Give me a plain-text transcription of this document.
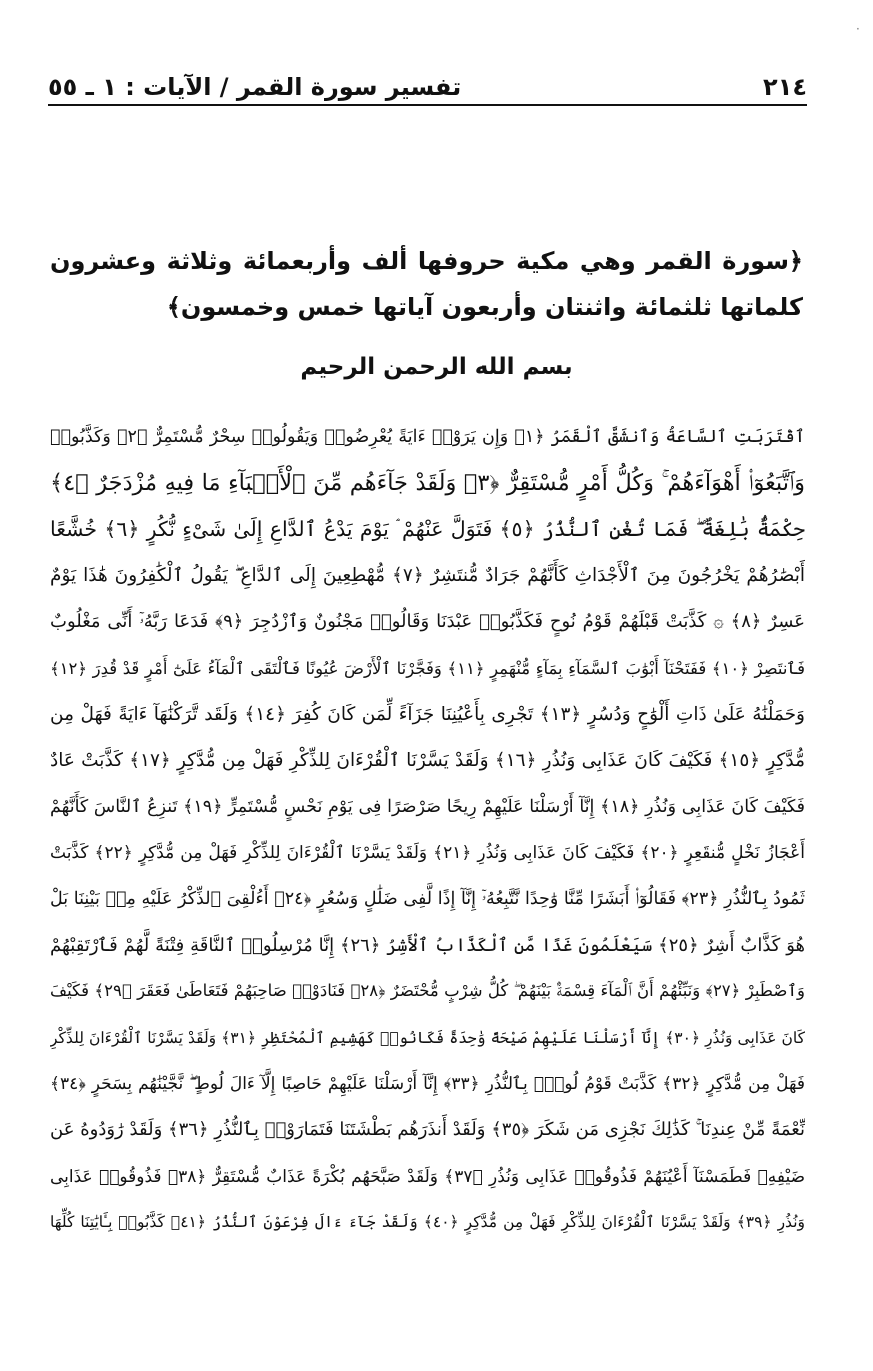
·
٢١٤
تفسير سورة القمر / الآيات : ١ ـ ٥٥
﴿سورة القمر وهي مكية حروفها ألف وأربعمائة وثلاثة وعشرون كلماتها ثلثمائة واثنتان وأربعون آياتها خمس وخمسون﴾
بسم الله الرحمن الرحيم
ٱقْتَرَبَتِ ٱلسَّاعَةُ وَٱنشَقَّ ٱلْقَمَرُ ﴿١﴾ وَإِن يَرَوْا۟ ءَايَةً يُعْرِضُوا۟ وَيَقُولُوا۟ سِحْرٌ مُّسْتَمِرٌّ ﴿٢﴾ وَكَذَّبُوا۟
وَٱتَّبَعُوٓا۟ أَهْوَآءَهُمْ ۚ وَكُلُّ أَمْرٍ مُّسْتَقِرٌّ ﴿٣﴾ وَلَقَدْ جَآءَهُم مِّنَ ٱلْأَنۢبَآءِ مَا فِيهِ مُزْدَجَرٌ ﴿٤﴾
حِكْمَةٌۢ بَٰلِغَةٌ ۖ فَمَا تُغْنِ ٱلنُّذُرُ ﴿٥﴾ فَتَوَلَّ عَنْهُمْ ۘ يَوْمَ يَدْعُ ٱلدَّاعِ إِلَىٰ شَىْءٍ نُّكُرٍ ﴿٦﴾ خُشَّعًا
أَبْصَٰرُهُمْ يَخْرُجُونَ مِنَ ٱلْأَجْدَاثِ كَأَنَّهُمْ جَرَادٌ مُّنتَشِرٌ ﴿٧﴾ مُّهْطِعِينَ إِلَى ٱلدَّاعِ ۖ يَقُولُ ٱلْكَٰفِرُونَ هَٰذَا يَوْمٌ
عَسِرٌ ﴿٨﴾ ۞ كَذَّبَتْ قَبْلَهُمْ قَوْمُ نُوحٍ فَكَذَّبُوا۟ عَبْدَنَا وَقَالُوا۟ مَجْنُونٌ وَٱزْدُجِرَ ﴿٩﴾ فَدَعَا رَبَّهُۥٓ أَنِّى مَغْلُوبٌ
فَٱنتَصِرْ ﴿١٠﴾ فَفَتَحْنَآ أَبْوَٰبَ ٱلسَّمَآءِ بِمَآءٍ مُّنْهَمِرٍ ﴿١١﴾ وَفَجَّرْنَا ٱلْأَرْضَ عُيُونًا فَٱلْتَقَى ٱلْمَآءُ عَلَىٰٓ أَمْرٍ قَدْ قُدِرَ ﴿١٢﴾
وَحَمَلْنَٰهُ عَلَىٰ ذَاتِ أَلْوَٰحٍ وَدُسُرٍ ﴿١٣﴾ تَجْرِى بِأَعْيُنِنَا جَزَآءً لِّمَن كَانَ كُفِرَ ﴿١٤﴾ وَلَقَد تَّرَكْنَٰهَآ ءَايَةً فَهَلْ مِن
مُّدَّكِرٍ ﴿١٥﴾ فَكَيْفَ كَانَ عَذَابِى وَنُذُرِ ﴿١٦﴾ وَلَقَدْ يَسَّرْنَا ٱلْقُرْءَانَ لِلذِّكْرِ فَهَلْ مِن مُّدَّكِرٍ ﴿١٧﴾ كَذَّبَتْ عَادٌ
فَكَيْفَ كَانَ عَذَابِى وَنُذُرِ ﴿١٨﴾ إِنَّآ أَرْسَلْنَا عَلَيْهِمْ رِيحًا صَرْصَرًا فِى يَوْمِ نَحْسٍ مُّسْتَمِرٍّ ﴿١٩﴾ تَنزِعُ ٱلنَّاسَ كَأَنَّهُمْ
أَعْجَازُ نَخْلٍ مُّنقَعِرٍ ﴿٢٠﴾ فَكَيْفَ كَانَ عَذَابِى وَنُذُرِ ﴿٢١﴾ وَلَقَدْ يَسَّرْنَا ٱلْقُرْءَانَ لِلذِّكْرِ فَهَلْ مِن مُّدَّكِرٍ ﴿٢٢﴾ كَذَّبَتْ
ثَمُودُ بِٱلنُّذُرِ ﴿٢٣﴾ فَقَالُوٓا۟ أَبَشَرًا مِّنَّا وَٰحِدًا نَّتَّبِعُهُۥٓ إِنَّآ إِذًا لَّفِى ضَلَٰلٍ وَسُعُرٍ ﴿٢٤﴾ أَءُلْقِىَ ٱلذِّكْرُ عَلَيْهِ مِنۢ بَيْنِنَا بَلْ
هُوَ كَذَّابٌ أَشِرٌ ﴿٢٥﴾ سَيَعْلَمُونَ غَدًا مَّنِ ٱلْكَذَّابُ ٱلْأَشِرُ ﴿٢٦﴾ إِنَّا مُرْسِلُوا۟ ٱلنَّاقَةِ فِتْنَةً لَّهُمْ فَٱرْتَقِبْهُمْ
وَٱصْطَبِرْ ﴿٢٧﴾ وَنَبِّئْهُمْ أَنَّ ٱلْمَآءَ قِسْمَةٌۢ بَيْنَهُمْ ۖ كُلُّ شِرْبٍ مُّحْتَضَرٌ ﴿٢٨﴾ فَنَادَوْا۟ صَاحِبَهُمْ فَتَعَاطَىٰ فَعَقَرَ ﴿٢٩﴾ فَكَيْفَ
كَانَ عَذَابِى وَنُذُرِ ﴿٣٠﴾ إِنَّآ أَرْسَلْنَا عَلَيْهِمْ صَيْحَةً وَٰحِدَةً فَكَانُوا۟ كَهَشِيمِ ٱلْمُحْتَظِرِ ﴿٣١﴾ وَلَقَدْ يَسَّرْنَا ٱلْقُرْءَانَ لِلذِّكْرِ
فَهَلْ مِن مُّدَّكِرٍ ﴿٣٢﴾ كَذَّبَتْ قَوْمُ لُوطٍۭ بِٱلنُّذُرِ ﴿٣٣﴾ إِنَّآ أَرْسَلْنَا عَلَيْهِمْ حَاصِبًا إِلَّآ ءَالَ لُوطٍ ۖ نَّجَّيْنَٰهُم بِسَحَرٍ ﴿٣٤﴾
نِّعْمَةً مِّنْ عِندِنَا ۚ كَذَٰلِكَ نَجْزِى مَن شَكَرَ ﴿٣٥﴾ وَلَقَدْ أَنذَرَهُم بَطْشَتَنَا فَتَمَارَوْا۟ بِٱلنُّذُرِ ﴿٣٦﴾ وَلَقَدْ رَٰوَدُوهُ عَن
ضَيْفِهِۦ فَطَمَسْنَآ أَعْيُنَهُمْ فَذُوقُوا۟ عَذَابِى وَنُذُرِ ﴿٣٧﴾ وَلَقَدْ صَبَّحَهُم بُكْرَةً عَذَابٌ مُّسْتَقِرٌّ ﴿٣٨﴾ فَذُوقُوا۟ عَذَابِى
وَنُذُرِ ﴿٣٩﴾ وَلَقَدْ يَسَّرْنَا ٱلْقُرْءَانَ لِلذِّكْرِ فَهَلْ مِن مُّدَّكِرٍ ﴿٤٠﴾ وَلَقَدْ جَآءَ ءَالَ فِرْعَوْنَ ٱلنُّذُرُ ﴿٤١﴾ كَذَّبُوا۟ بِـَٔايَٰتِنَا كُلِّهَا
